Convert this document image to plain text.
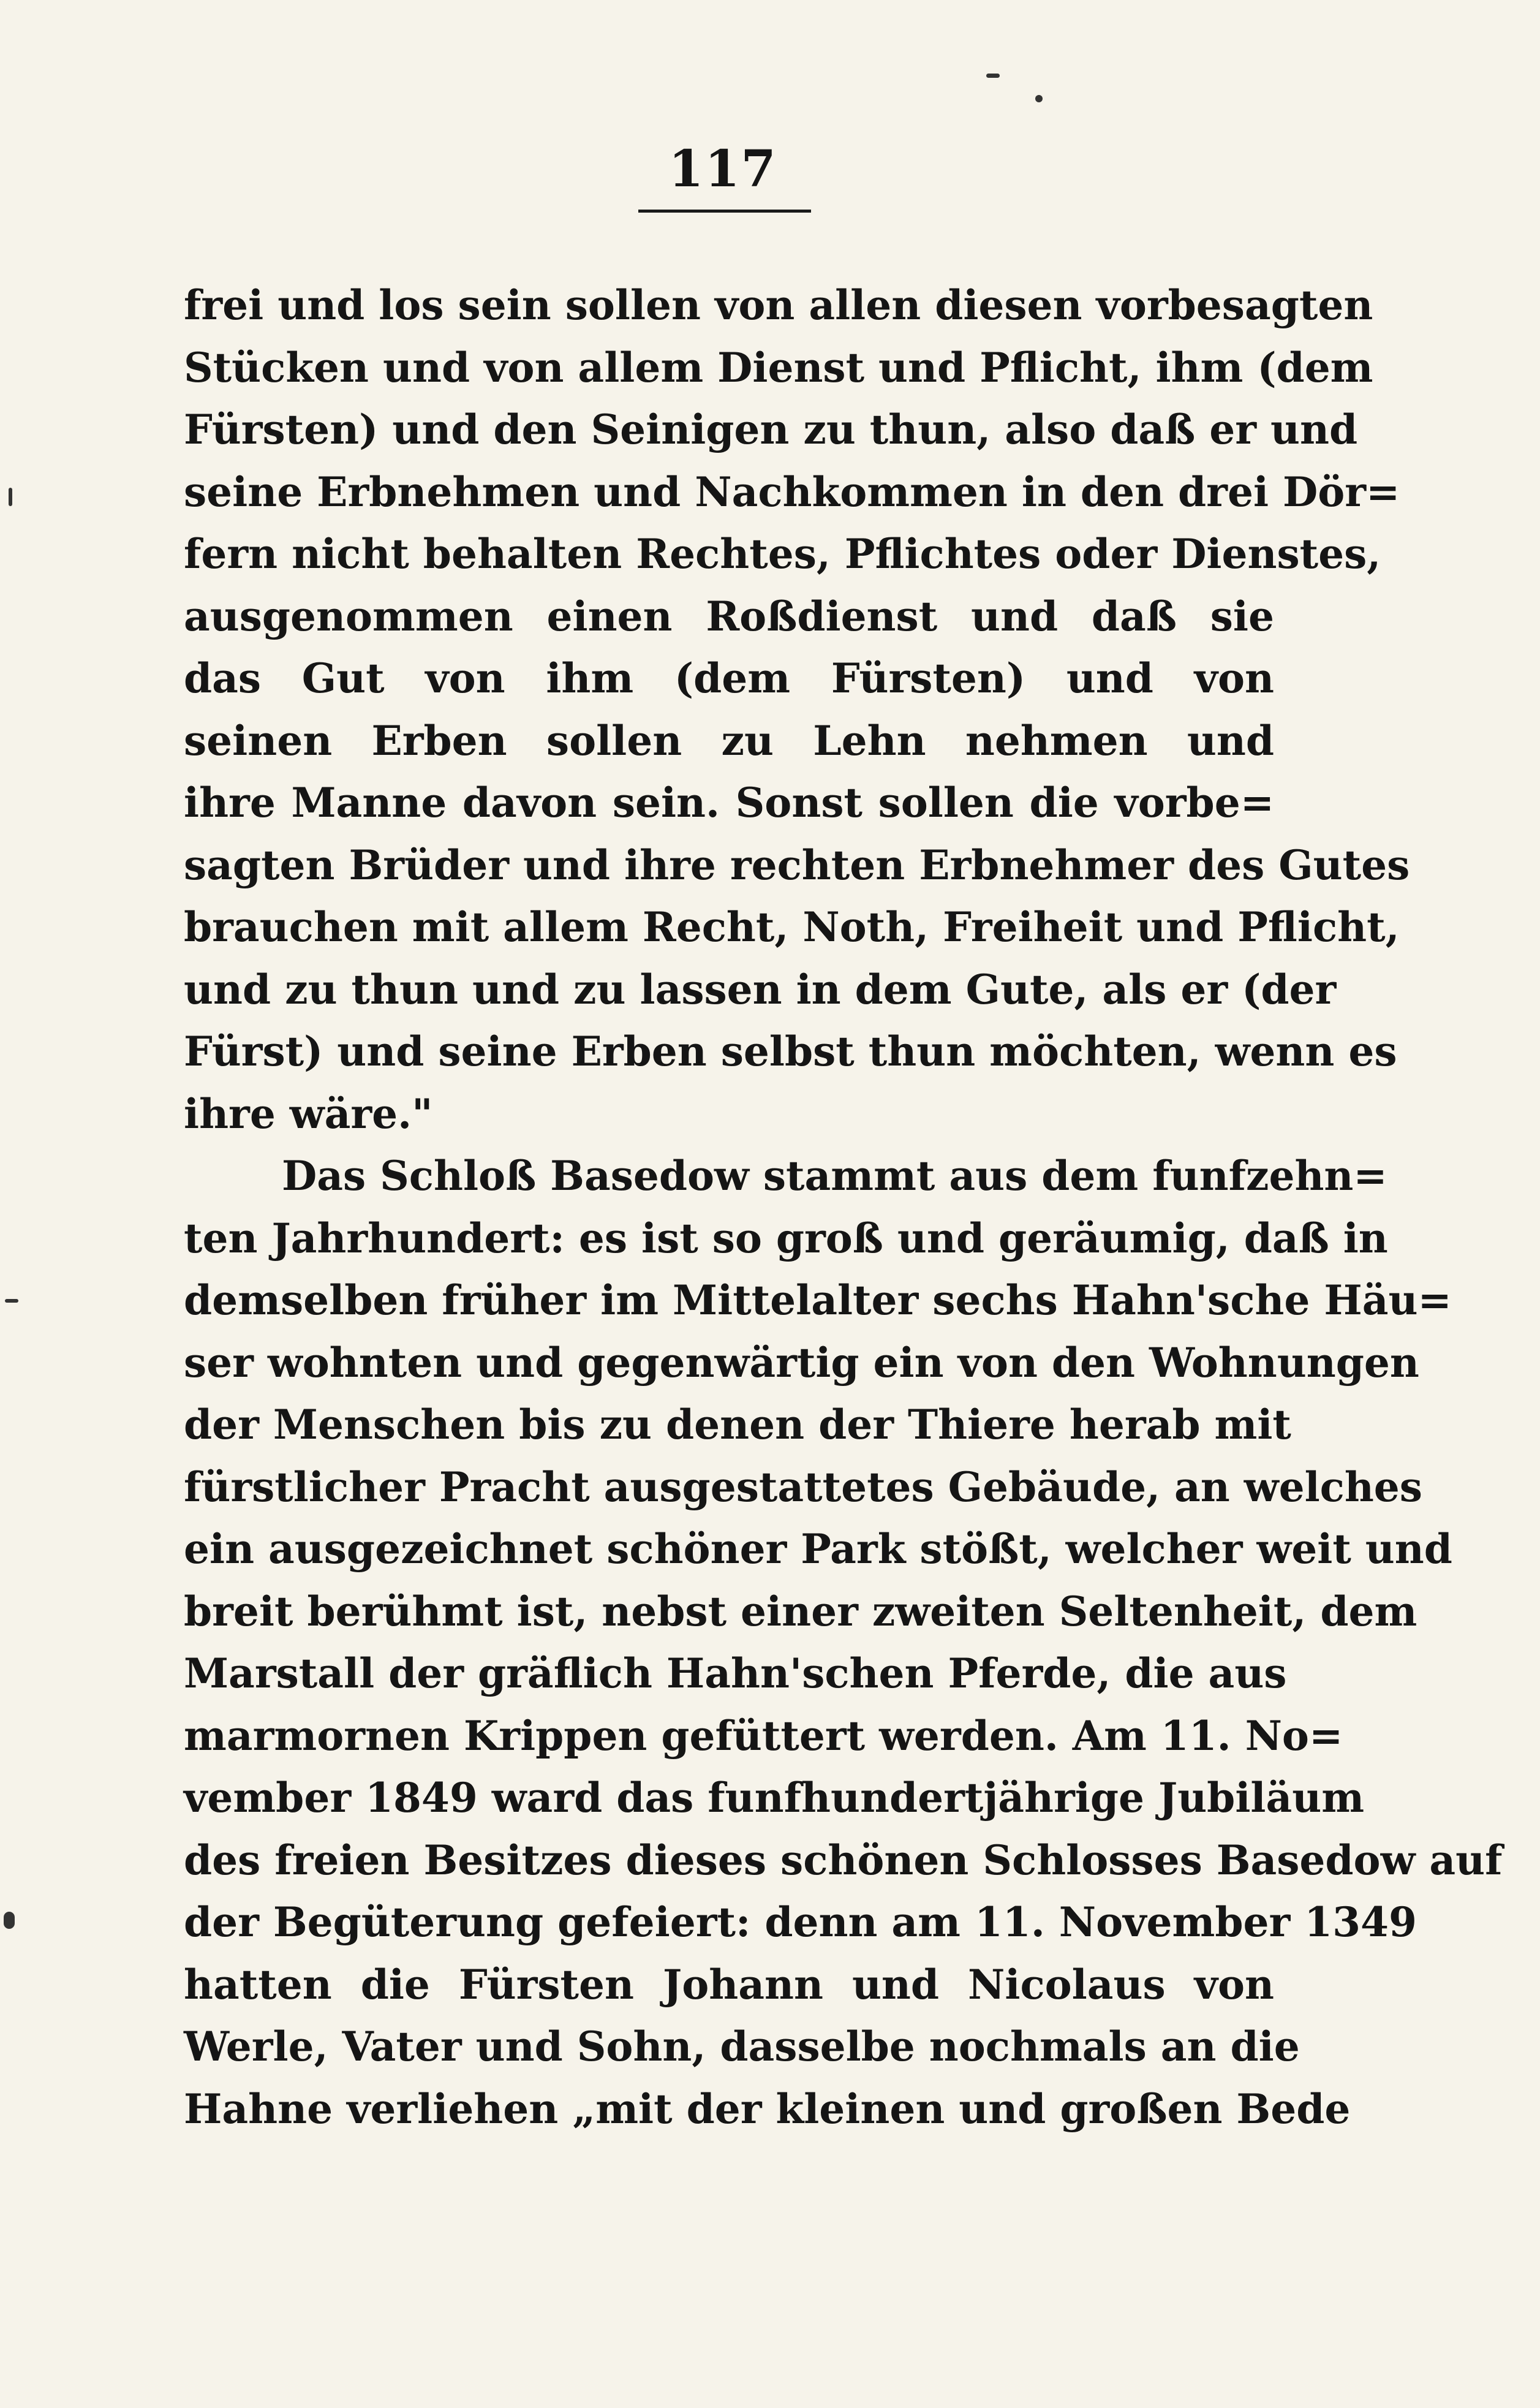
117
frei und los sein sollen von allen diesen vorbesagten
Stücken und von allem Dienst und Pflicht, ihm (dem
Fürsten) und den Seinigen zu thun, also daß er und
seine Erbnehmen und Nachkommen in den drei Dör=
fern nicht behalten Rechtes, Pflichtes oder Dienstes,
ausgenommen einen Roßdienst und daß sie
das Gut von ihm (dem Fürsten) und von
seinen Erben sollen zu Lehn nehmen und
ihre Manne davon sein. Sonst sollen die vorbe=
sagten Brüder und ihre rechten Erbnehmer des Gutes
brauchen mit allem Recht, Noth, Freiheit und Pflicht,
und zu thun und zu lassen in dem Gute, als er (der
Fürst) und seine Erben selbst thun möchten, wenn es
ihre wäre."
Das Schloß Basedow stammt aus dem funfzehn=
ten Jahrhundert: es ist so groß und geräumig, daß in
demselben früher im Mittelalter sechs Hahn'sche Häu=
ser wohnten und gegenwärtig ein von den Wohnungen
der Menschen bis zu denen der Thiere herab mit
fürstlicher Pracht ausgestattetes Gebäude, an welches
ein ausgezeichnet schöner Park stößt, welcher weit und
breit berühmt ist, nebst einer zweiten Seltenheit, dem
Marstall der gräflich Hahn'schen Pferde, die aus
marmornen Krippen gefüttert werden. Am 11. No=
vember 1849 ward das funfhundertjährige Jubiläum
des freien Besitzes dieses schönen Schlosses Basedow auf
der Begüterung gefeiert: denn am 11. November 1349
hatten die Fürsten Johann und Nicolaus von
Werle, Vater und Sohn, dasselbe nochmals an die
Hahne verliehen „mit der kleinen und großen Bede
